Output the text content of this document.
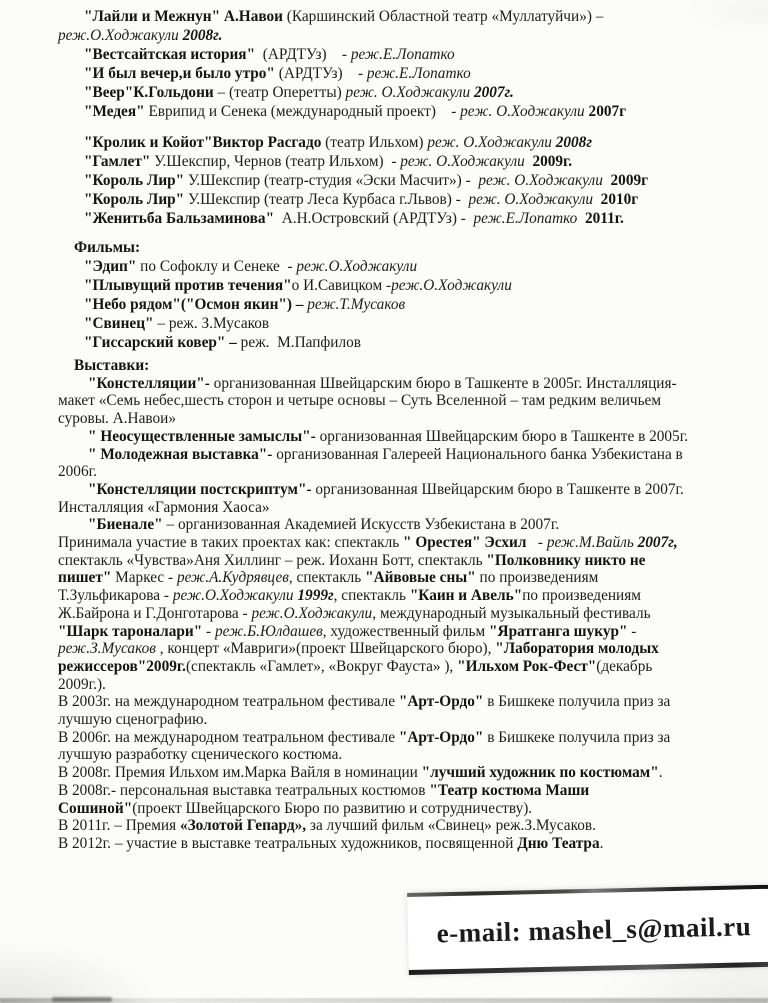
"Лайли и Межнун" А.Навои (Каршинский Областной театр «Муллатуйчи») –
реж.О.Ходжакули 2008г.
"Вестсайтская история"  (АРДТУз)    - реж.Е.Лопатко
"И был вечер,и было утро" (АРДТУз)    - реж.Е.Лопатко
"Веер"К.Гольдони – (театр Оперетты) реж. О.Ходжакули 2007г.
"Медея" Еврипид и Сенека (международный проект)    - реж. О.Ходжакули 2007г
"Кролик и Койот"Виктор Расгадо (театр Ильхом) реж. О.Ходжакули 2008г
"Гамлет" У.Шекспир, Чернов (театр Ильхом)  - реж. О.Ходжакули  2009г.
"Король Лир" У.Шекспир (театр-студия «Эски Масчит») -  реж. О.Ходжакули  2009г
"Король Лир" У.Шекспир (театр Леса Курбаса г.Львов) -  реж. О.Ходжакули  2010г
"Женитьба Бальзаминова"  А.Н.Островский (АРДТУз) -  реж.Е.Лопатко  2011г.
Фильмы:
"Эдип" по Софоклу и Сенеке  - реж.О.Ходжакули
"Плывущий против течения"о И.Савицком -реж.О.Ходжакули
"Небо рядом"("Осмон якин") – реж.Т.Мусаков
"Свинец" – реж. З.Мусаков
"Гиссарский ковер" – реж.  М.Папфилов
Выставки:
"Констелляции"- организованная Швейцарским бюро в Ташкенте в 2005г. Инсталляция-
макет «Семь небес,шесть сторон и четыре основы – Суть Вселенной – там редким величьем
суровы. А.Навои»
" Неосуществленные замыслы"- организованная Швейцарским бюро в Ташкенте в 2005г.
" Молодежная выставка"- организованная Галереей Национального банка Узбекистана в
2006г.
"Констелляции постскриптум"- организованная Швейцарским бюро в Ташкенте в 2007г.
Инсталляция «Гармония Хаоса»
"Биенале" – организованная Академией Искусств Узбекистана в 2007г.
Принимала участие в таких проектах как: спектакль " Орестея" Эсхил   - реж.М.Вайль 2007г,
спектакль «Чувства»Аня Хиллинг – реж. Иоханн Ботт, спектакль "Полковнику никто не
пишет" Маркес - реж.А.Кудрявцев, спектакль "Айвовые сны" по произведениям
Т.Зульфикарова - реж.О.Ходжакули 1999г, спектакль "Каин и Авель"по произведениям
Ж.Байрона и Г.Донготарова - реж.О.Ходжакули, международный музыкальный фестиваль
"Шарк тароналари" - реж.Б.Юлдашев, художественный фильм "Яратганга шукур" -
реж.З.Мусаков , концерт «Мавриги»(проект Швейцарского бюро), "Лаборатория молодых
режиссеров"2009г.(спектакль «Гамлет», «Вокруг Фауста» ), "Ильхом Рок-Фест"(декабрь
2009г.).
В 2003г. на международном театральном фестивале "Арт-Ордо" в Бишкеке получила приз за
лучшую сценографию.
В 2006г. на международном театральном фестивале "Арт-Ордо" в Бишкеке получила приз за
лучшую разработку сценического костюма.
В 2008г. Премия Ильхом им.Марка Вайля в номинации "лучший художник по костюмам".
В 2008г.- персональная выставка театральных костюмов "Театр костюма Маши
Сошиной"(проект Швейцарского Бюро по развитию и сотрудничеству).
В 2011г. – Премия «Золотой Гепард», за лучший фильм «Свинец» реж.З.Мусаков.
В 2012г. – участие в выставке театральных художников, посвященной Дню Театра.
e-mail: mashel_s@mail.ru
